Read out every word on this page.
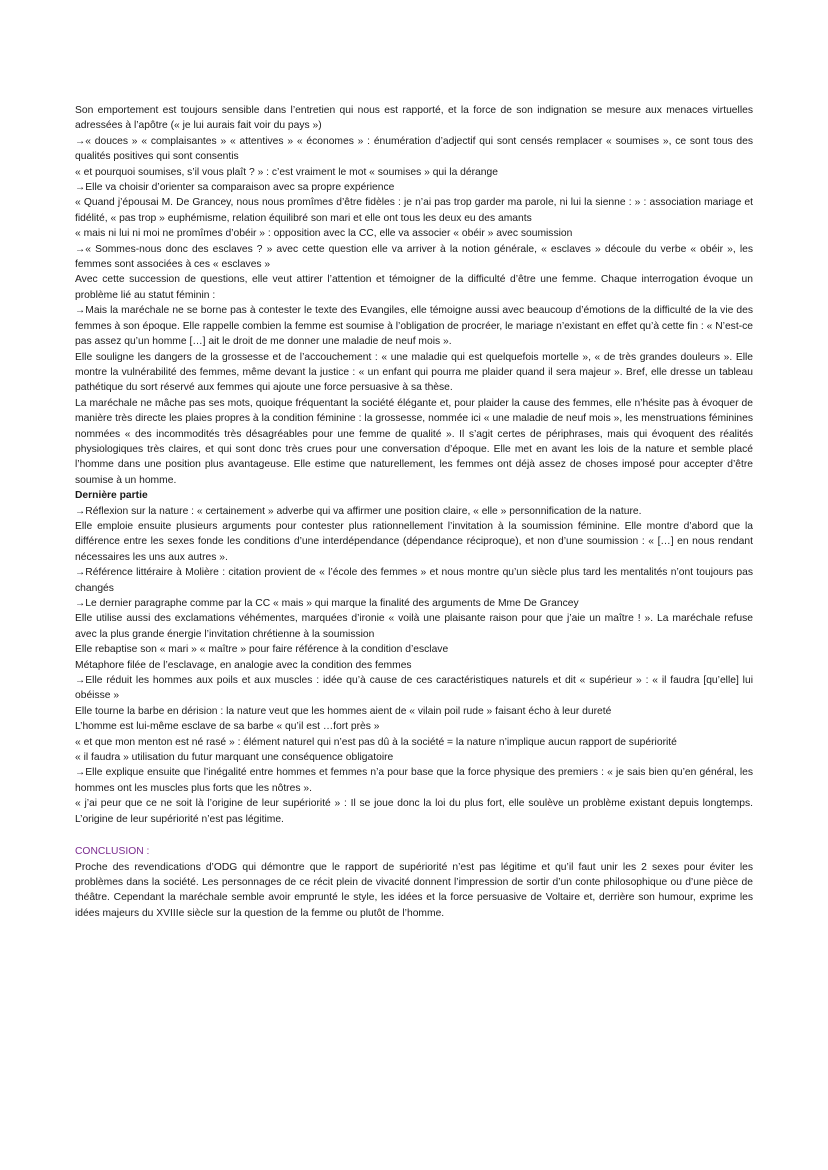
Son emportement est toujours sensible dans l’entretien qui nous est rapporté, et la force de son indignation se mesure aux menaces virtuelles adressées à l’apôtre (« je lui aurais fait voir du pays »)

→« douces » « complaisantes » « attentives » « économes » : énumération d’adjectif qui sont censés remplacer « soumises », ce sont tous des qualités positives qui sont consentis

« et pourquoi soumises, s’il vous plaît ? » : c’est vraiment le mot « soumises » qui la dérange

→Elle va choisir d’orienter sa comparaison avec sa propre expérience

« Quand j’épousai M. De Grancey, nous nous promîmes d’être fidèles : je n’ai pas trop garder ma parole, ni lui la sienne : » : association mariage et fidélité, « pas trop » euphémisme, relation équilibré son mari et elle ont tous les deux eu des amants

« mais ni lui ni moi ne promîmes d’obéir » : opposition avec la CC, elle va associer « obéir » avec soumission

→« Sommes-nous donc des esclaves ? » avec cette question elle va arriver à la notion générale, « esclaves » découle du verbe « obéir », les femmes sont associées à ces « esclaves »

Avec cette succession de questions, elle veut attirer l’attention et témoigner de la difficulté d’être une femme. Chaque interrogation évoque un problème lié au statut féminin :

→Mais la maréchale ne se borne pas à contester le texte des Evangiles, elle témoigne aussi avec beaucoup d’émotions de la difficulté de la vie des femmes à son époque. Elle rappelle combien la femme est soumise à l’obligation de procréer, le mariage n’existant en effet qu’à cette fin : « N’est-ce pas assez qu’un homme […] ait le droit de me donner une maladie de neuf mois ».

Elle souligne les dangers de la grossesse et de l’accouchement : « une maladie qui est quelquefois mortelle », « de très grandes douleurs ». Elle montre la vulnérabilité des femmes, même devant la justice : « un enfant qui pourra me plaider quand il sera majeur ». Bref, elle dresse un tableau pathétique du sort réservé aux femmes qui ajoute une force persuasive à sa thèse.

La maréchale ne mâche pas ses mots, quoique fréquentant la société élégante et, pour plaider la cause des femmes, elle n’hésite pas à évoquer de manière très directe les plaies propres à la condition féminine : la grossesse, nommée ici « une maladie de neuf mois », les menstruations féminines nommées « des incommodités très désagréables pour une femme de qualité ». Il s’agit certes de périphrases, mais qui évoquent des réalités physiologiques très claires, et qui sont donc très crues pour une conversation d’époque. Elle met en avant les lois de la nature et semble placé l’homme dans une position plus avantageuse. Elle estime que naturellement, les femmes ont déjà assez de choses imposé pour accepter d’être soumise à un homme.

Dernière partie

→Réflexion sur la nature : « certainement » adverbe qui va affirmer une position claire, « elle » personnification de la nature.

Elle emploie ensuite plusieurs arguments pour contester plus rationnellement l’invitation à la soumission féminine. Elle montre d’abord que la différence entre les sexes fonde les conditions d’une interdépendance (dépendance réciproque), et non d’une soumission : « […] en nous rendant nécessaires les uns aux autres ».

→Référence littéraire à Molière : citation provient de « l’école des femmes » et nous montre qu’un siècle plus tard les mentalités n’ont toujours pas changés

→Le dernier paragraphe comme par la CC « mais » qui marque la finalité des arguments de Mme De Grancey

Elle utilise aussi des exclamations véhémentes, marquées d’ironie « voilà une plaisante raison pour que j’aie un maître ! ». La maréchale refuse avec la plus grande énergie l’invitation chrétienne à la soumission

Elle rebaptise son « mari » « maître » pour faire référence à la condition d’esclave

Métaphore filée de l’esclavage, en analogie avec la condition des femmes

→Elle réduit les hommes aux poils et aux muscles : idée qu’à cause de ces caractéristiques naturels et dit « supérieur » : « il faudra [qu’elle] lui obéisse »

Elle tourne la barbe en dérision : la nature veut que les hommes aient de « vilain poil rude » faisant écho à leur dureté

L’homme est lui-même esclave de sa barbe « qu’il est …fort près »

« et que mon menton est né rasé » : élément naturel qui n’est pas dû à la société = la nature n’implique aucun rapport de supériorité

« il faudra » utilisation du futur marquant une conséquence obligatoire

→Elle explique ensuite que l’inégalité entre hommes et femmes n’a pour base que la force physique des premiers : « je sais bien qu’en général, les hommes ont les muscles plus forts que les nôtres ».

« j’ai peur que ce ne soit là l’origine de leur supériorité » : Il se joue donc la loi du plus fort, elle soulève un problème existant depuis longtemps. L’origine de leur supériorité n’est pas légitime.

CONCLUSION :

Proche des revendications d’ODG qui démontre que le rapport de supériorité n’est pas légitime et qu’il faut unir les 2 sexes pour éviter les problèmes dans la société. Les personnages de ce récit plein de vivacité donnent l’impression de sortir d’un conte philosophique ou d’une pièce de théâtre. Cependant la maréchale semble avoir emprunté le style, les idées et la force persuasive de Voltaire et, derrière son humour, exprime les idées majeurs du XVIIIe siècle sur la question de la femme ou plutôt de l’homme.
